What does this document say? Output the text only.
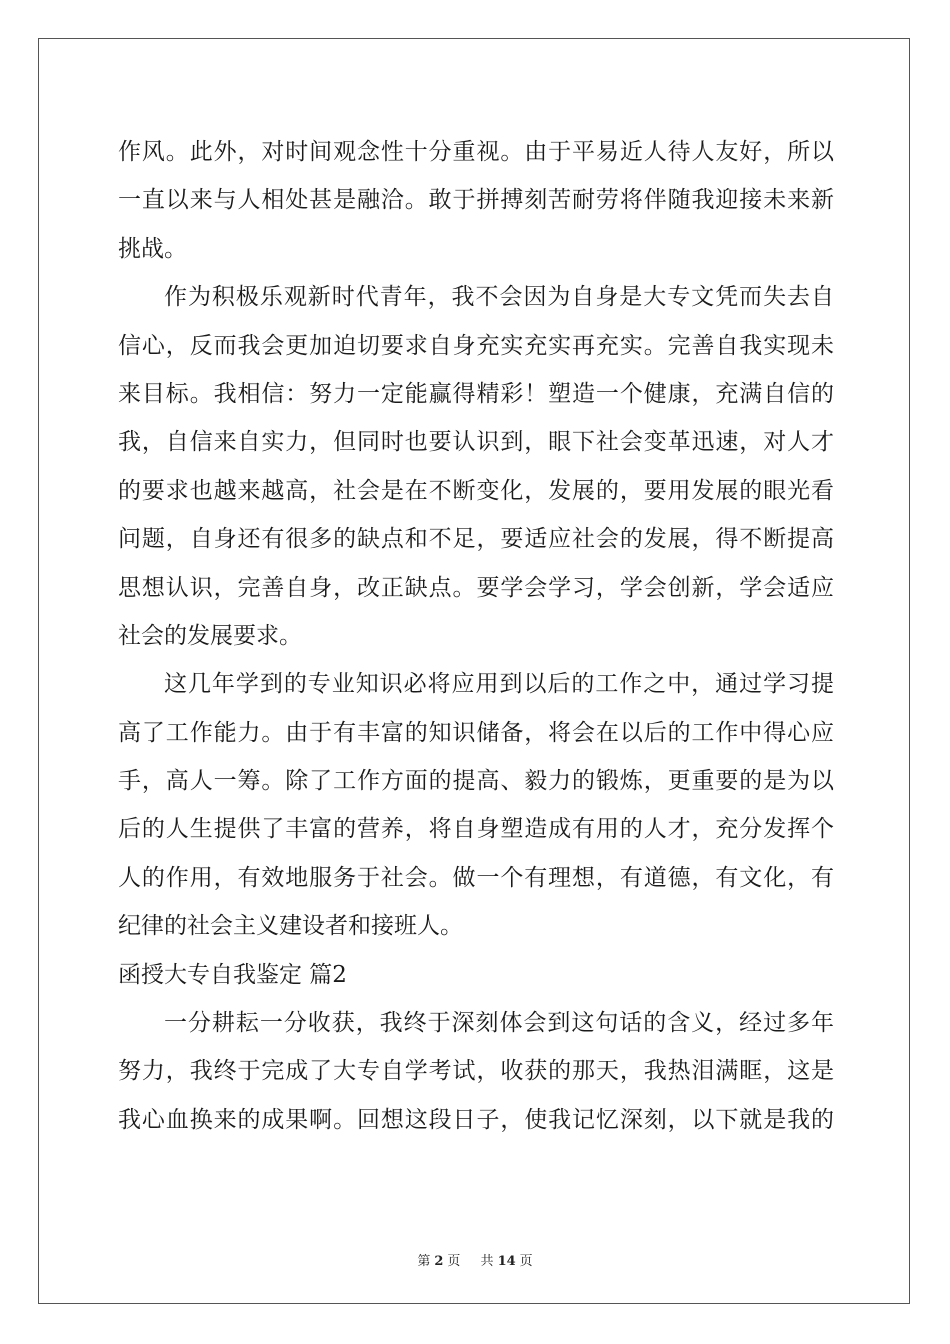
作风。此外，对时间观念性十分重视。由于平易近人待人友好，所以
一直以来与人相处甚是融洽。敢于拼搏刻苦耐劳将伴随我迎接未来新
挑战。
作为积极乐观新时代青年，我不会因为自身是大专文凭而失去自
信心，反而我会更加迫切要求自身充实充实再充实。完善自我实现未
来目标。我相信：努力一定能赢得精彩！塑造一个健康，充满自信的
我，自信来自实力，但同时也要认识到，眼下社会变革迅速，对人才
的要求也越来越高，社会是在不断变化，发展的，要用发展的眼光看
问题，自身还有很多的缺点和不足，要适应社会的发展，得不断提高
思想认识，完善自身，改正缺点。要学会学习，学会创新，学会适应
社会的发展要求。
这几年学到的专业知识必将应用到以后的工作之中，通过学习提
高了工作能力。由于有丰富的知识储备，将会在以后的工作中得心应
手，高人一筹。除了工作方面的提高、毅力的锻炼，更重要的是为以
后的人生提供了丰富的营养，将自身塑造成有用的人才，充分发挥个
人的作用，有效地服务于社会。做一个有理想，有道德，有文化，有
纪律的社会主义建设者和接班人。
函授大专自我鉴定 篇2
一分耕耘一分收获，我终于深刻体会到这句话的含义，经过多年
努力，我终于完成了大专自学考试，收获的那天，我热泪满眶，这是
我心血换来的成果啊。回想这段日子，使我记忆深刻，以下就是我的
第 2 页 共 14 页
